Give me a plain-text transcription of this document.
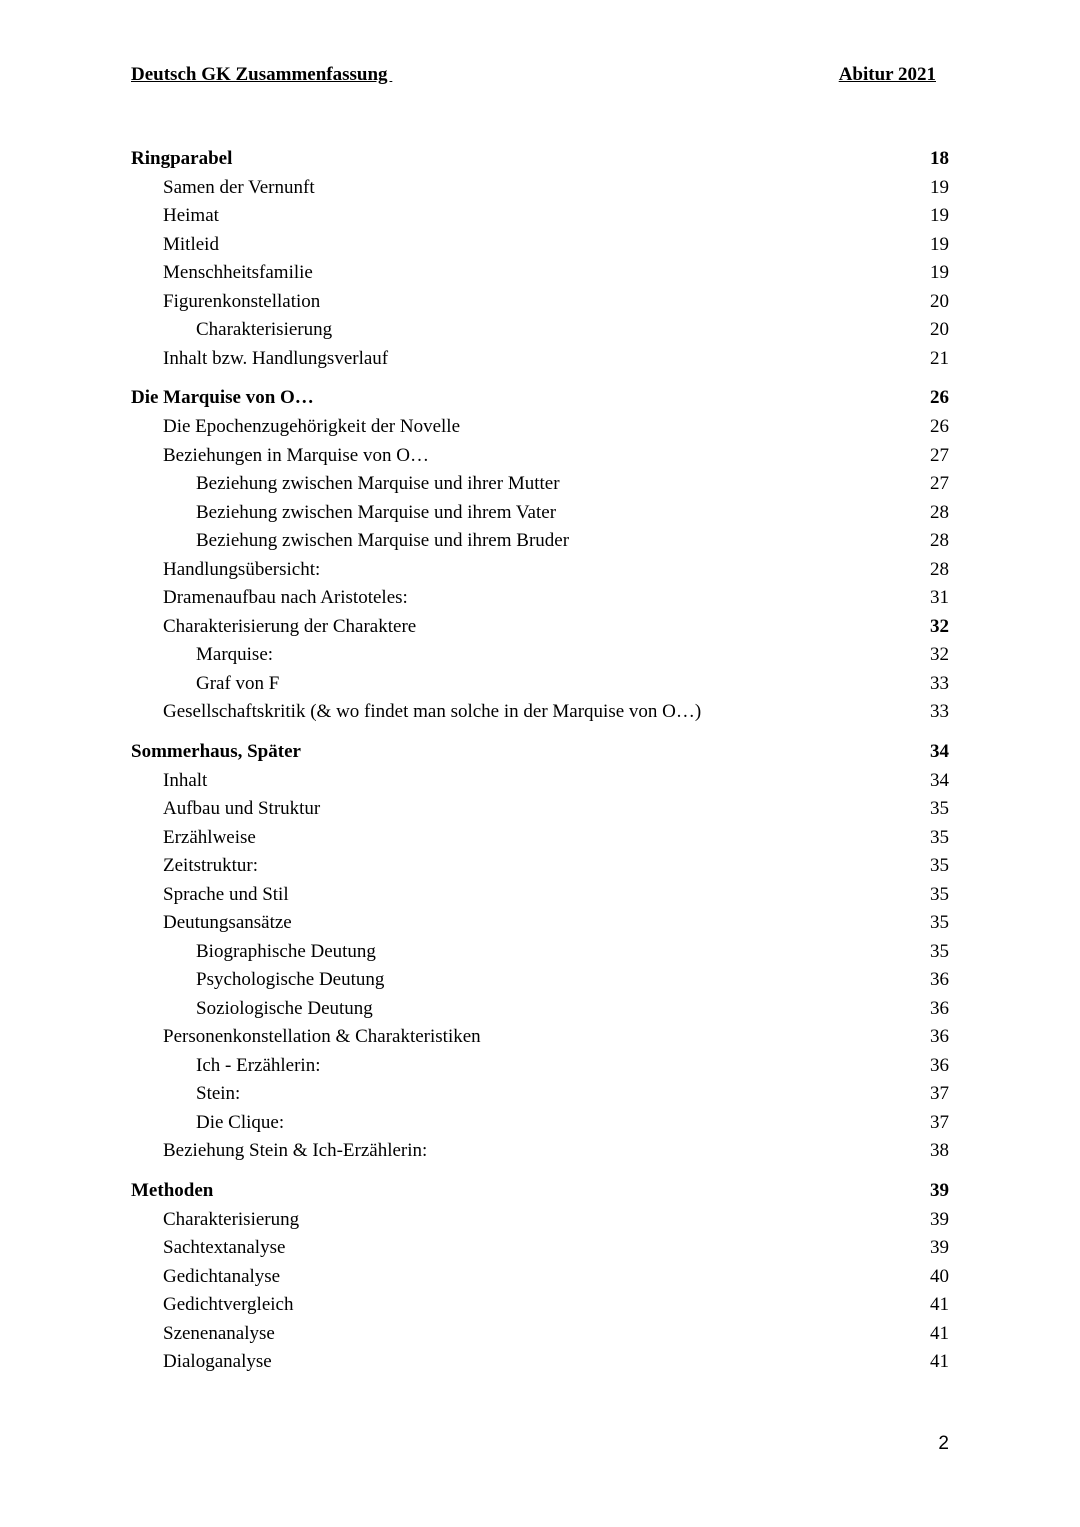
Deutsch GK Zusammenfassung	Abitur 2021
Ringparabel	18
Samen der Vernunft	19
Heimat	19
Mitleid	19
Menschheitsfamilie	19
Figurenkonstellation	20
Charakterisierung	20
Inhalt bzw. Handlungsverlauf	21
Die Marquise von O…	26
Die Epochenzugehörigkeit der Novelle	26
Beziehungen in Marquise von O…	27
Beziehung zwischen Marquise und ihrer Mutter	27
Beziehung zwischen Marquise und ihrem Vater	28
Beziehung zwischen Marquise und ihrem Bruder	28
Handlungsübersicht:	28
Dramenaufbau nach Aristoteles:	31
Charakterisierung der Charaktere	32
Marquise:	32
Graf von F	33
Gesellschaftskritik (& wo findet man solche in der Marquise von O…)	33
Sommerhaus, Später	34
Inhalt	34
Aufbau und Struktur	35
Erzählweise	35
Zeitstruktur:	35
Sprache und Stil	35
Deutungsansätze	35
Biographische Deutung	35
Psychologische Deutung	36
Soziologische Deutung	36
Personenkonstellation & Charakteristiken	36
Ich - Erzählerin:	36
Stein:	37
Die Clique:	37
Beziehung Stein & Ich-Erzählerin:	38
Methoden	39
Charakterisierung	39
Sachtextanalyse	39
Gedichtanalyse	40
Gedichtvergleich	41
Szenenanalyse	41
Dialoganalyse	41
2
